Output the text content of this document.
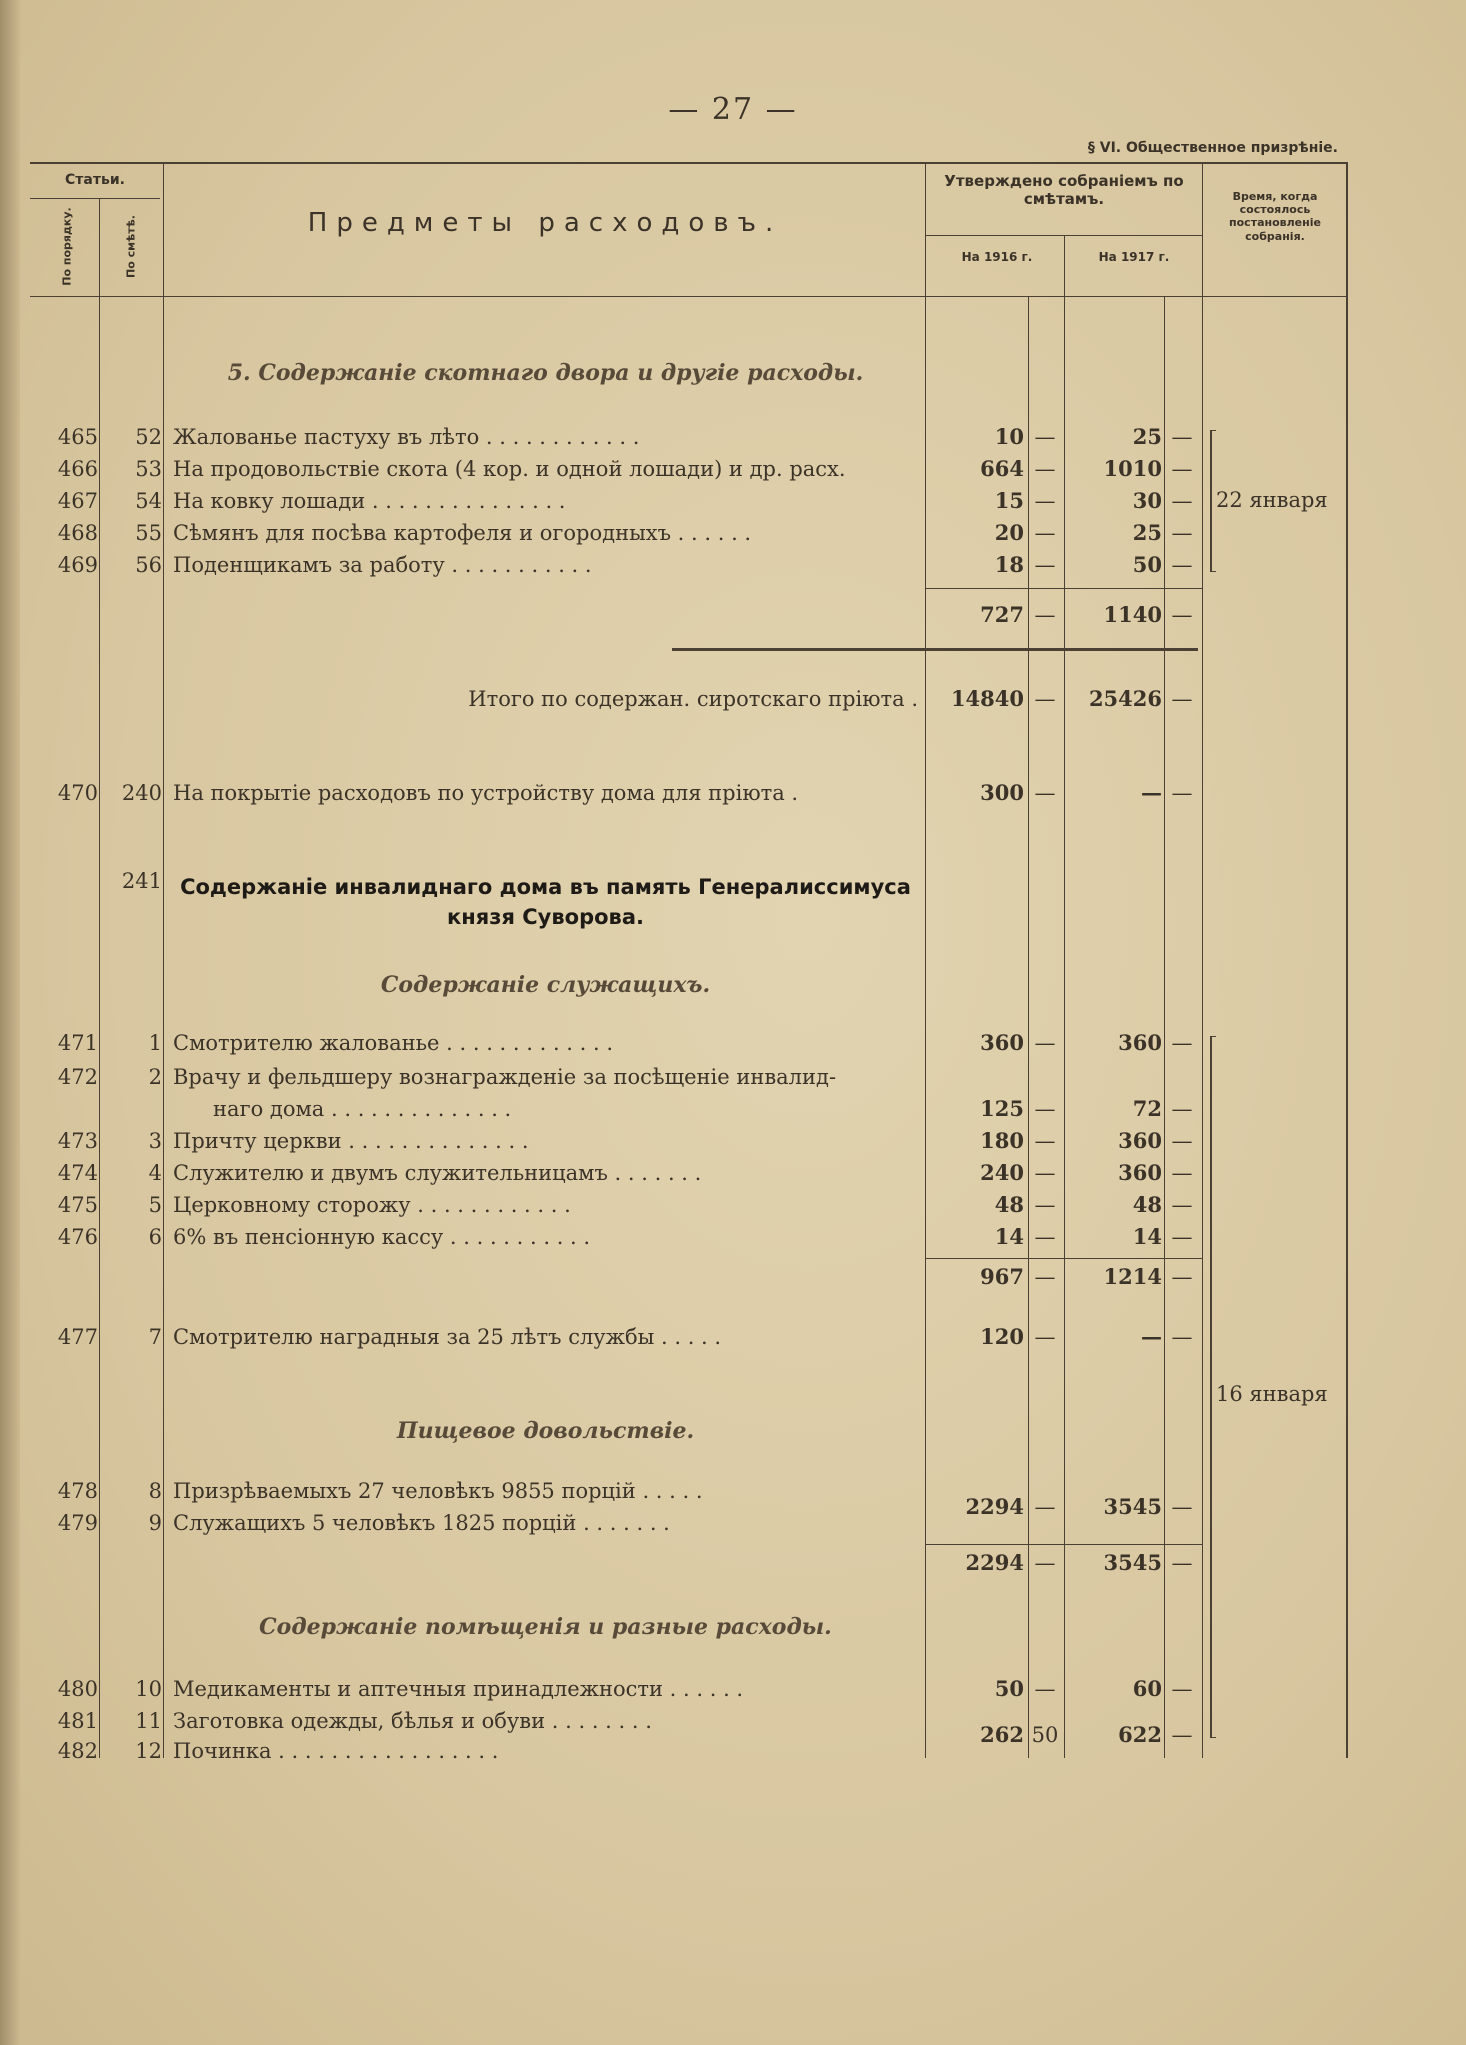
— 27 —
§ VI. Общественное призрѣніе.
Статьи.
По порядку.	По смѣтѣ.	Предметы расходовъ.
Утверждено собраніемъ по смѣтамъ.
На 1916 г.	На 1917 г.
Время, когда состоялось постановленіе собранія.
5. Содержаніе скотнаго двора и другіе расходы.
465	52 Жалованье пастуху въ лѣто . . . . . . . . . . . .	10 —	25 —
466	53 На продовольствіе скота (4 кор. и одной лошади) и др. расх.	664 —	1010 —
467	54 На ковку лошади . . . . . . . . . . . . . . .	15 —	30 —
468	55 Сѣмянъ для посѣва картофеля и огородныхъ . . . . . .	20 —	25 —
469	56 Поденщикамъ за работу . . . . . . . . . . .	18 —	50 —
22 января
727 —	1140 —
Итого по содержан. сиротскаго пріюта .	14840 —	25426 —
470	240 На покрытіе расходовъ по устройству дома для пріюта .	300 —	— —
241 Содержаніе инвалиднаго дома въ память Генералиссимуса князя Суворова.
Содержаніе служащихъ.
471	1 Смотрителю жалованье . . . . . . . . . . . . .	360 —	360 —
472	2 Врачу и фельдшеру вознагражденіе за посѣщеніе инвалид-
наго дома . . . . . . . . . . . . . .	125 —	72 —
473	3 Причту церкви . . . . . . . . . . . . . .	180 —	360 —
474	4 Служителю и двумъ служительницамъ . . . . . . .	240 —	360 —
475	5 Церковному сторожу . . . . . . . . . . . .	48 —	48 —
476	6 6% въ пенсіонную кассу . . . . . . . . . . .	14 —	14 —
967 —	1214 —
477	7 Смотрителю наградныя за 25 лѣтъ службы . . . . .	120 —	— —
16 января
Пищевое довольствіе.
478	8 Призрѣваемыхъ 27 человѣкъ 9855 порцій . . . . .
479	9 Служащихъ 5 человѣкъ 1825 порцій . . . . . . .
2294 —	3545 —
2294 —	3545 —
Содержаніе помѣщенія и разные расходы.
480	10 Медикаменты и аптечныя принадлежности . . . . . .	50 —	60 —
481	11 Заготовка одежды, бѣлья и обуви . . . . . . . .
482	12 Починка . . . . . . . . . . . . . . . . .
262 50	622 —
